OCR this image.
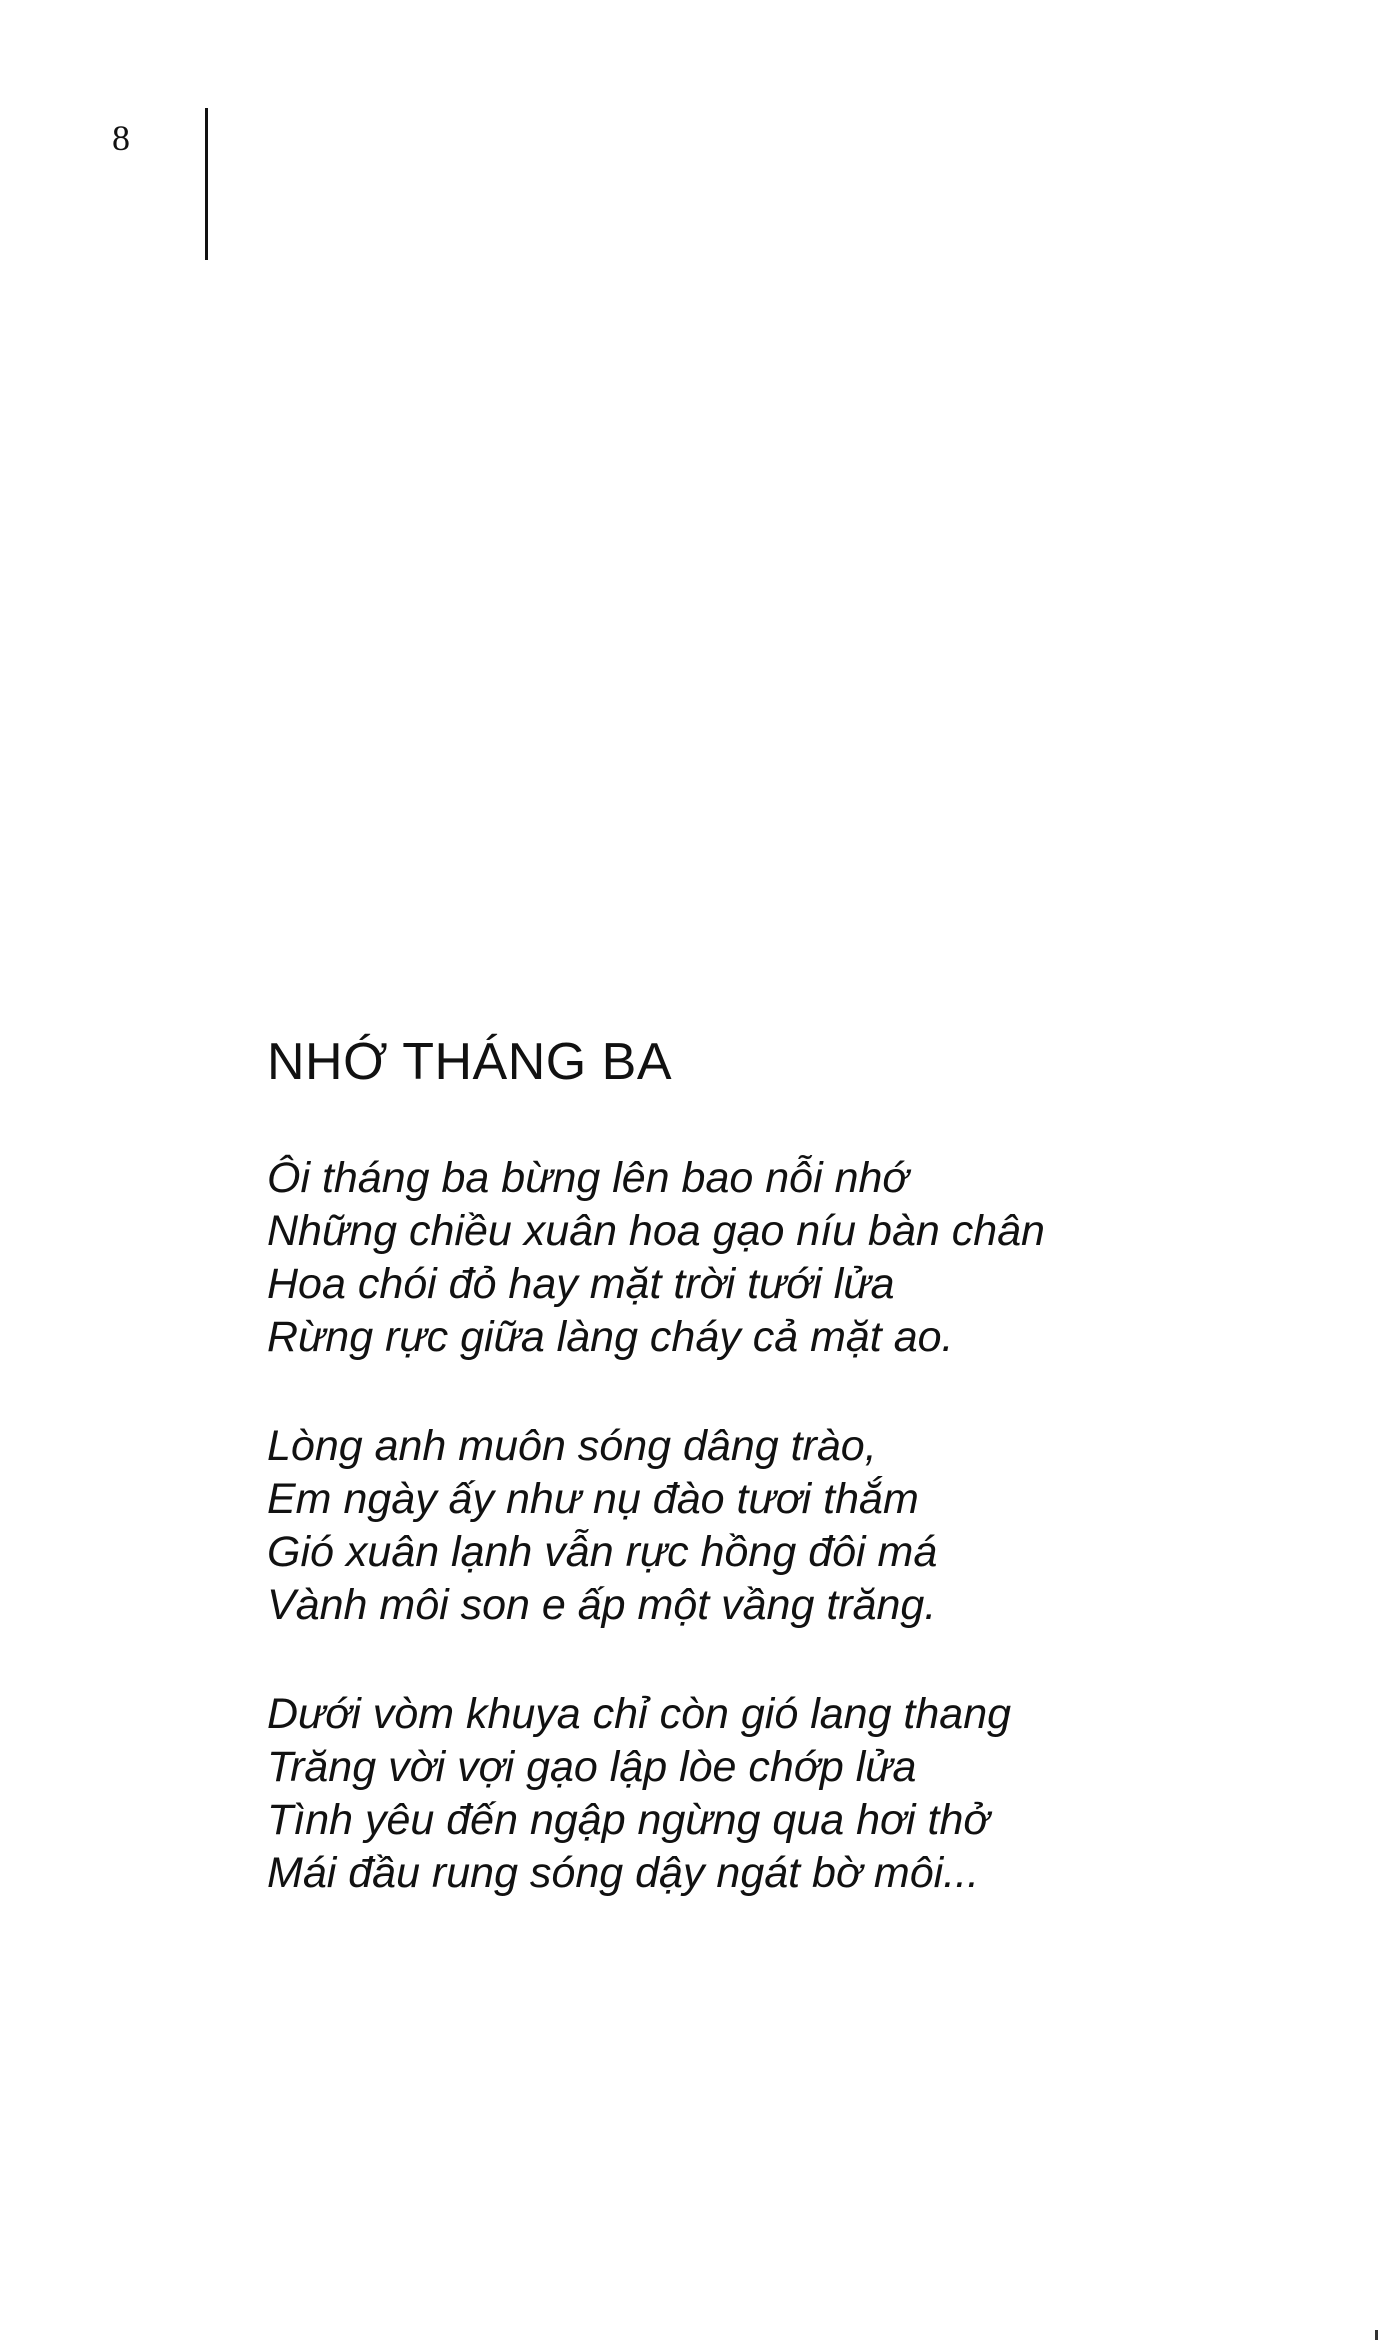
8
NHỚ THÁNG BA
Ôi tháng ba bừng lên bao nỗi nhớ
Những chiều xuân hoa gạo níu bàn chân
Hoa chói đỏ hay mặt trời tưới lửa
Rừng rực giữa làng cháy cả mặt ao.
Lòng anh muôn sóng dâng trào,
Em ngày ấy như nụ đào tươi thắm
Gió xuân lạnh vẫn rực hồng đôi má
Vành môi son e ấp một vầng trăng.
Dưới vòm khuya chỉ còn gió lang thang
Trăng vời vợi gạo lập lòe chớp lửa
Tình yêu đến ngập ngừng qua hơi thở
Mái đầu rung sóng dậy ngát bờ môi...
